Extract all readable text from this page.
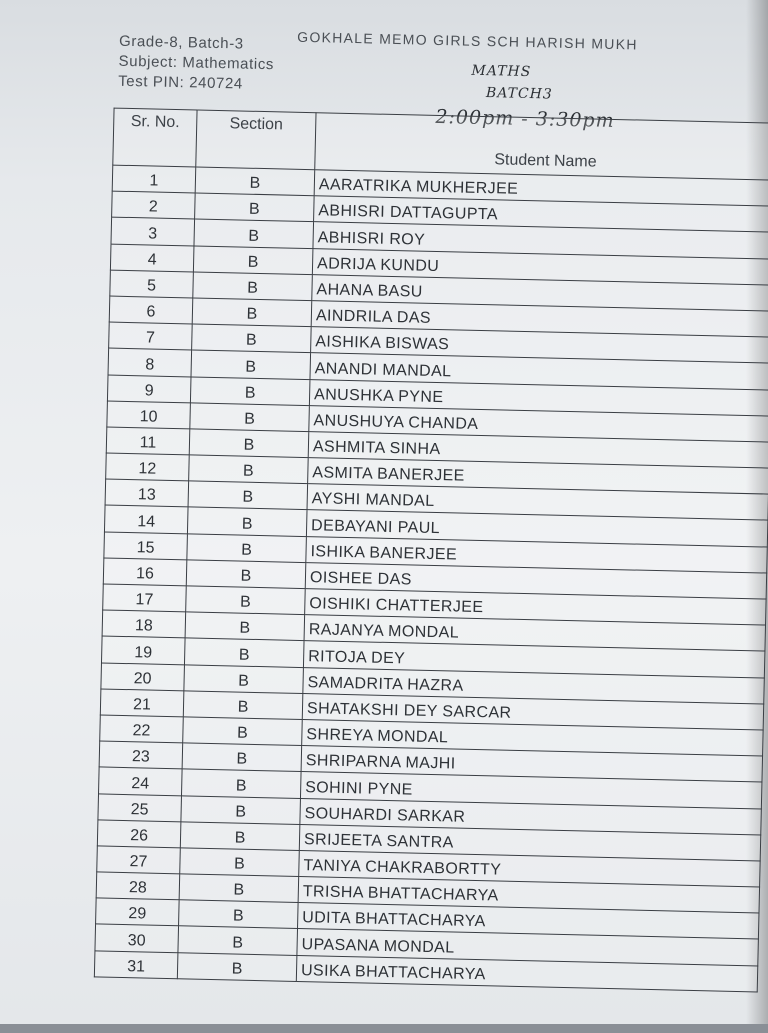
GOKHALE MEMO GIRLS SCH HARISH MUKH
Grade-8, Batch-3
Subject: Mathematics
Test PIN: 240724
MATHS
BATCH3
2:00pm - 3:30pm
Sr. No.	Section	Student Name
1	B	AARATRIKA MUKHERJEE
2	B	ABHISRI DATTAGUPTA
3	B	ABHISRI ROY
4	B	ADRIJA KUNDU
5	B	AHANA BASU
6	B	AINDRILA DAS
7	B	AISHIKA BISWAS
8	B	ANANDI MANDAL
9	B	ANUSHKA PYNE
10	B	ANUSHUYA CHANDA
11	B	ASHMITA SINHA
12	B	ASMITA BANERJEE
13	B	AYSHI MANDAL
14	B	DEBAYANI PAUL
15	B	ISHIKA BANERJEE
16	B	OISHEE DAS
17	B	OISHIKI CHATTERJEE
18	B	RAJANYA MONDAL
19	B	RITOJA DEY
20	B	SAMADRITA HAZRA
21	B	SHATAKSHI DEY SARCAR
22	B	SHREYA MONDAL
23	B	SHRIPARNA MAJHI
24	B	SOHINI PYNE
25	B	SOUHARDI SARKAR
26	B	SRIJEETA SANTRA
27	B	TANIYA CHAKRABORTTY
28	B	TRISHA BHATTACHARYA
29	B	UDITA BHATTACHARYA
30	B	UPASANA MONDAL
31	B	USIKA BHATTACHARYA
